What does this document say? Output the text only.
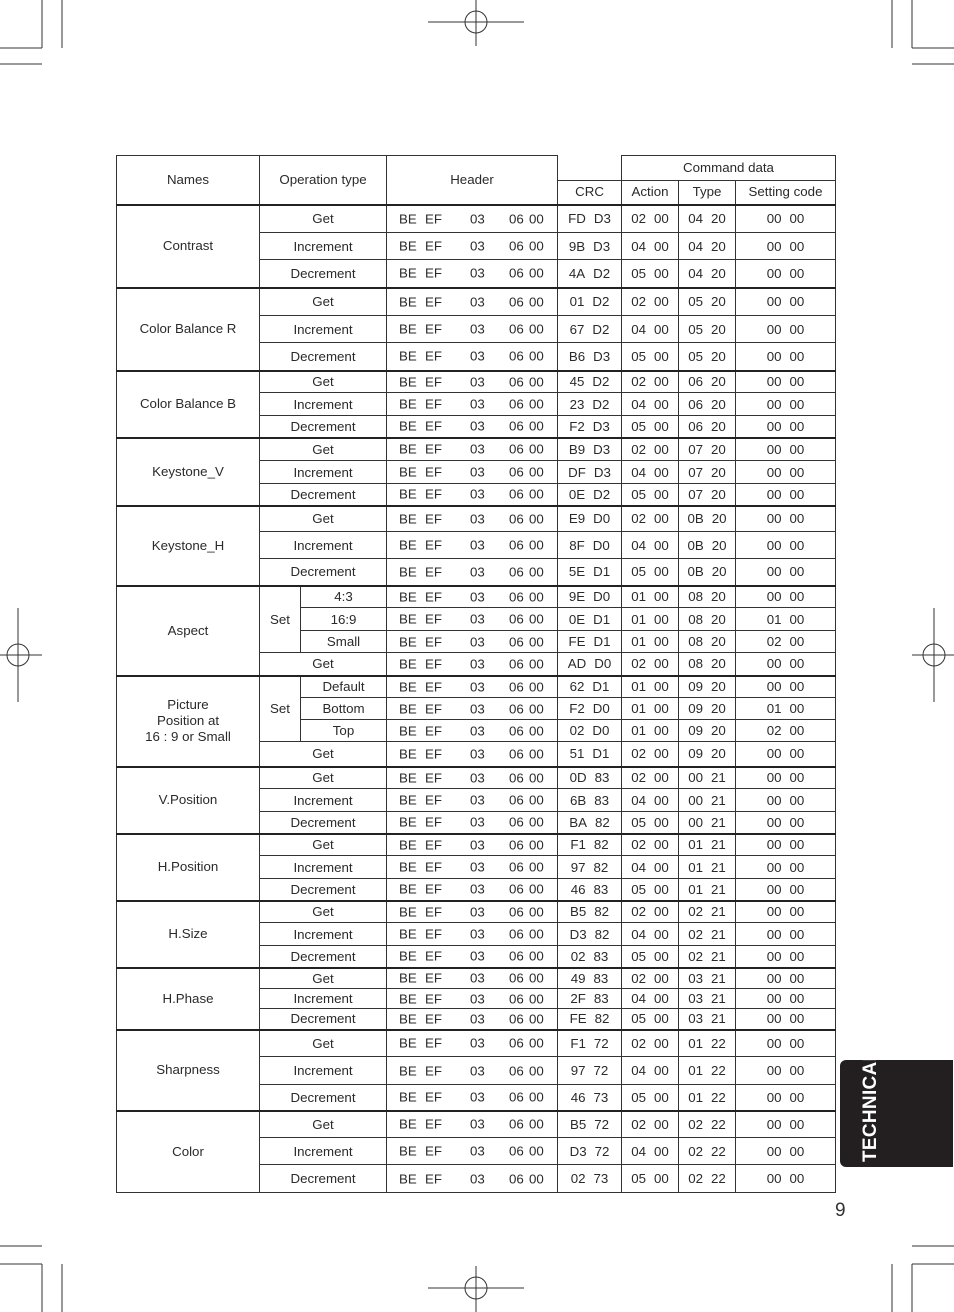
Names	Operation type		Header		Command data		
				CRC	Action	Type	Setting code
Contrast	Get		BE EF 03 06 00	FD D3	02 00	04 20	00 00
	Increment		BE EF 03 06 00	9B D3	04 00	04 20	00 00
	Decrement		BE EF 03 06 00	4A D2	05 00	04 20	00 00
Color Balance R	Get		BE EF 03 06 00	01 D2	02 00	05 20	00 00
	Increment		BE EF 03 06 00	67 D2	04 00	05 20	00 00
	Decrement		BE EF 03 06 00	B6 D3	05 00	05 20	00 00
Color Balance B	Get		BE EF 03 06 00	45 D2	02 00	06 20	00 00
	Increment		BE EF 03 06 00	23 D2	04 00	06 20	00 00
	Decrement		BE EF 03 06 00	F2 D3	05 00	06 20	00 00
Keystone_V	Get		BE EF 03 06 00	B9 D3	02 00	07 20	00 00
	Increment		BE EF 03 06 00	DF D3	04 00	07 20	00 00
	Decrement		BE EF 03 06 00	0E D2	05 00	07 20	00 00
Keystone_H	Get		BE EF 03 06 00	E9 D0	02 00	0B 20	00 00
	Increment		BE EF 03 06 00	8F D0	04 00	0B 20	00 00
	Decrement		BE EF 03 06 00	5E D1	05 00	0B 20	00 00
Aspect	Set	4:3	BE EF 03 06 00	9E D0	01 00	08 20	00 00
		16:9	BE EF 03 06 00	0E D1	01 00	08 20	01 00
		Small	BE EF 03 06 00	FE D1	01 00	08 20	02 00
	Get		BE EF 03 06 00	AD D0	02 00	08 20	00 00
Picture
Position at
16 : 9 or Small	Set	Default	BE EF 03 06 00	62 D1	01 00	09 20	00 00
		Bottom	BE EF 03 06 00	F2 D0	01 00	09 20	01 00
		Top	BE EF 03 06 00	02 D0	01 00	09 20	02 00
	Get		BE EF 03 06 00	51 D1	02 00	09 20	00 00
V.Position	Get		BE EF 03 06 00	0D 83	02 00	00 21	00 00
	Increment		BE EF 03 06 00	6B 83	04 00	00 21	00 00
	Decrement		BE EF 03 06 00	BA 82	05 00	00 21	00 00
H.Position	Get		BE EF 03 06 00	F1 82	02 00	01 21	00 00
	Increment		BE EF 03 06 00	97 82	04 00	01 21	00 00
	Decrement		BE EF 03 06 00	46 83	05 00	01 21	00 00
H.Size	Get		BE EF 03 06 00	B5 82	02 00	02 21	00 00
	Increment		BE EF 03 06 00	D3 82	04 00	02 21	00 00
	Decrement		BE EF 03 06 00	02 83	05 00	02 21	00 00
H.Phase	Get		BE EF 03 06 00	49 83	02 00	03 21	00 00
	Increment		BE EF 03 06 00	2F 83	04 00	03 21	00 00
	Decrement		BE EF 03 06 00	FE 82	05 00	03 21	00 00
Sharpness	Get		BE EF 03 06 00	F1 72	02 00	01 22	00 00
	Increment		BE EF 03 06 00	97 72	04 00	01 22	00 00
	Decrement		BE EF 03 06 00	46 73	05 00	01 22	00 00
Color	Get		BE EF 03 06 00	B5 72	02 00	02 22	00 00
	Increment		BE EF 03 06 00	D3 72	04 00	02 22	00 00
	Decrement		BE EF 03 06 00	02 73	05 00	02 22	00 00
TECHNICAL
9
